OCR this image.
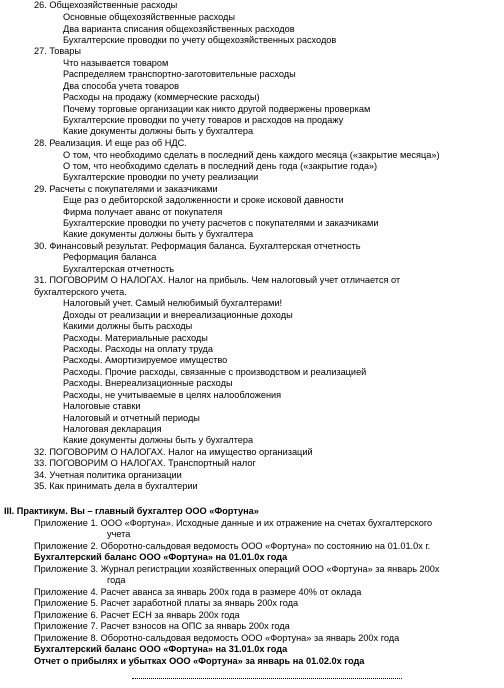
26. Общехозяйственные расходы
Основные общехозяйственные расходы
Два варианта списания общехозяйственных расходов
Бухгалтерские проводки по учету общехозяйственных расходов
27. Товары
Что называется товаром
Распределяем транспортно-заготовительные расходы
Два способа учета товаров
Расходы на продажу (коммерческие расходы)
Почему торговые организации как никто другой подвержены проверкам
Бухгалтерские проводки по учету товаров и расходов на продажу
Какие документы должны быть у бухгалтера
28. Реализация. И еще раз об НДС.
О том, что необходимо сделать в последний день каждого месяца («закрытие месяца»)
О том, что необходимо сделать в последний день года («закрытие года»)
Бухгалтерские проводки по учету реализации
29. Расчеты с покупателями и заказчиками
Еще раз о дебиторской задолженности и сроке исковой давности
Фирма получает аванс от покупателя
Бухгалтерские проводки по учету расчетов с покупателями и заказчиками
Какие документы должны быть у бухгалтера
30. Финансовый результат. Реформация баланса. Бухгалтерская отчетность
Реформация баланса
Бухгалтерская отчетность
31. ПОГОВОРИМ О НАЛОГАХ. Налог на прибыль. Чем налоговый учет отличается от
бухгалтерского учета.
Налоговый учет. Самый нелюбимый бухгалтерами!
Доходы от реализации и внереализационные доходы
Какими должны быть расходы
Расходы. Материальные расходы
Расходы. Расходы на оплату труда
Расходы. Амортизируемое имущество
Расходы. Прочие расходы, связанные с производством и реализацией
Расходы. Внереализационные расходы
Расходы, не учитываемые в целях налообложения
Налоговые ставки
Налоговый и отчетный периоды
Налоговая декларация
Какие документы должны быть у бухгалтера
32. ПОГОВОРИМ О НАЛОГАХ. Налог на имущество организаций
33. ПОГОВОРИМ О НАЛОГАХ. Транспортный налог
34. Учетная политика организации
35. Как принимать дела в бухгалтерии
III. Практикум. Вы – главный бухгалтер ООО «Фортуна»
Приложение 1. ООО «Фортуна». Исходные данные и их отражение на счетах бухгалтерского
учета
Приложение 2. Оборотно-сальдовая ведомость ООО «Фортуна» по состоянию на 01.01.0х г.
Бухгалтерский баланс ООО «Фортуна» на 01.01.0х года
Приложение 3. Журнал регистрации хозяйственных операций ООО «Фортуна» за январь 200х
года
Приложение 4. Расчет аванса за январь 200х года в размере 40% от оклада
Приложение 5. Расчет заработной платы за январь 200х года
Приложение 6. Расчет ЕСН за январь 200х года
Приложение 7. Расчет взносов на ОПС за январь 200х года
Приложение 8. Оборотно-сальдовая ведомость ООО «Фортуна» за январь 200х года
Бухгалтерский баланс ООО «Фортуна» на 31.01.0х года
Отчет о прибылях и убытках ООО «Фортуна» за январь на 01.02.0х года
